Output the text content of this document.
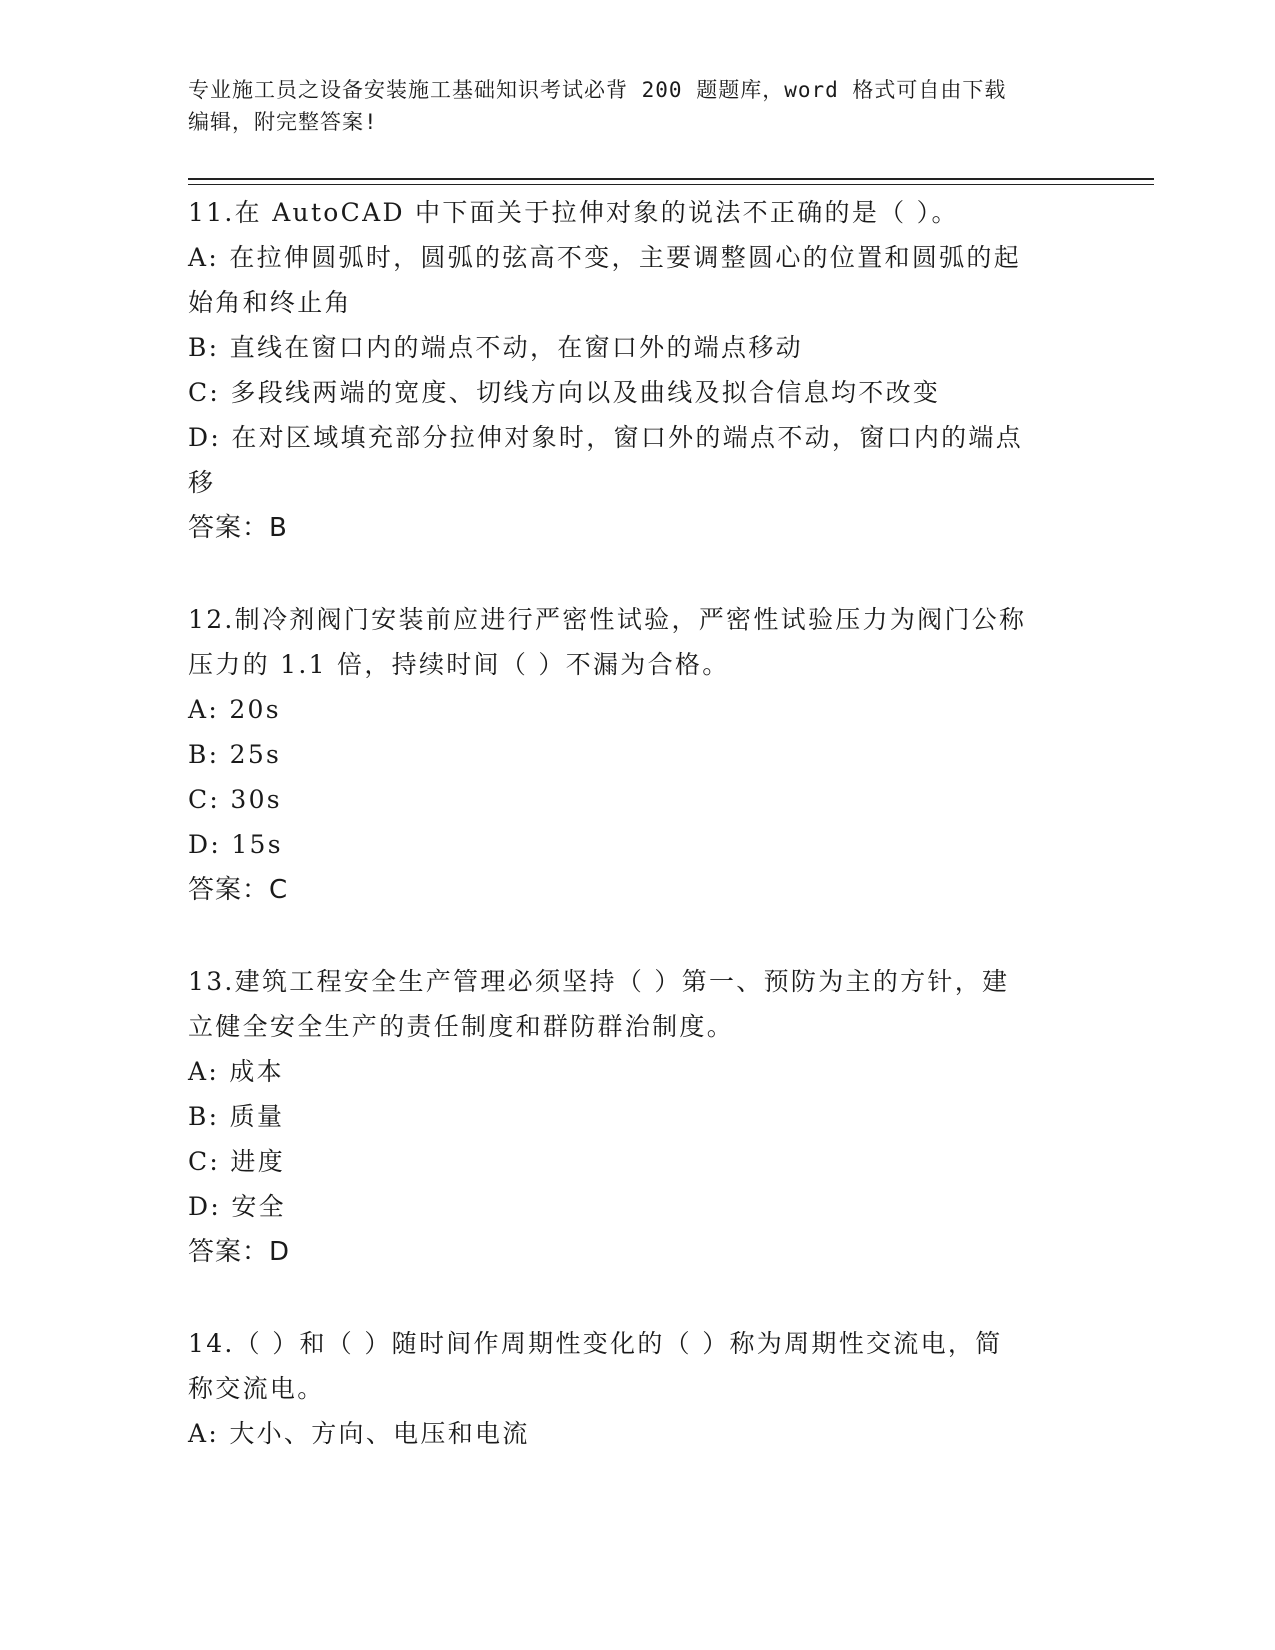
专业施工员之设备安装施工基础知识考试必背 200 题题库，word 格式可自由下载
编辑，附完整答案!

11.在 AutoCAD 中下面关于拉伸对象的说法不正确的是（ ）。

A: 在拉伸圆弧时，圆弧的弦高不变，主要调整圆心的位置和圆弧的起

始角和终止角

B: 直线在窗口内的端点不动，在窗口外的端点移动

C: 多段线两端的宽度、切线方向以及曲线及拟合信息均不改变

D: 在对区域填充部分拉伸对象时，窗口外的端点不动，窗口内的端点

移

答案：B

12.制冷剂阀门安装前应进行严密性试验，严密性试验压力为阀门公称

压力的 1.1 倍，持续时间（ ）不漏为合格。

A: 20s

B: 25s

C: 30s

D: 15s

答案：C

13.建筑工程安全生产管理必须坚持（ ）第一、预防为主的方针，建

立健全安全生产的责任制度和群防群治制度。

A: 成本

B: 质量

C: 进度

D: 安全

答案：D

14.（ ）和（ ）随时间作周期性变化的（ ）称为周期性交流电，简

称交流电。

A: 大小、方向、电压和电流
